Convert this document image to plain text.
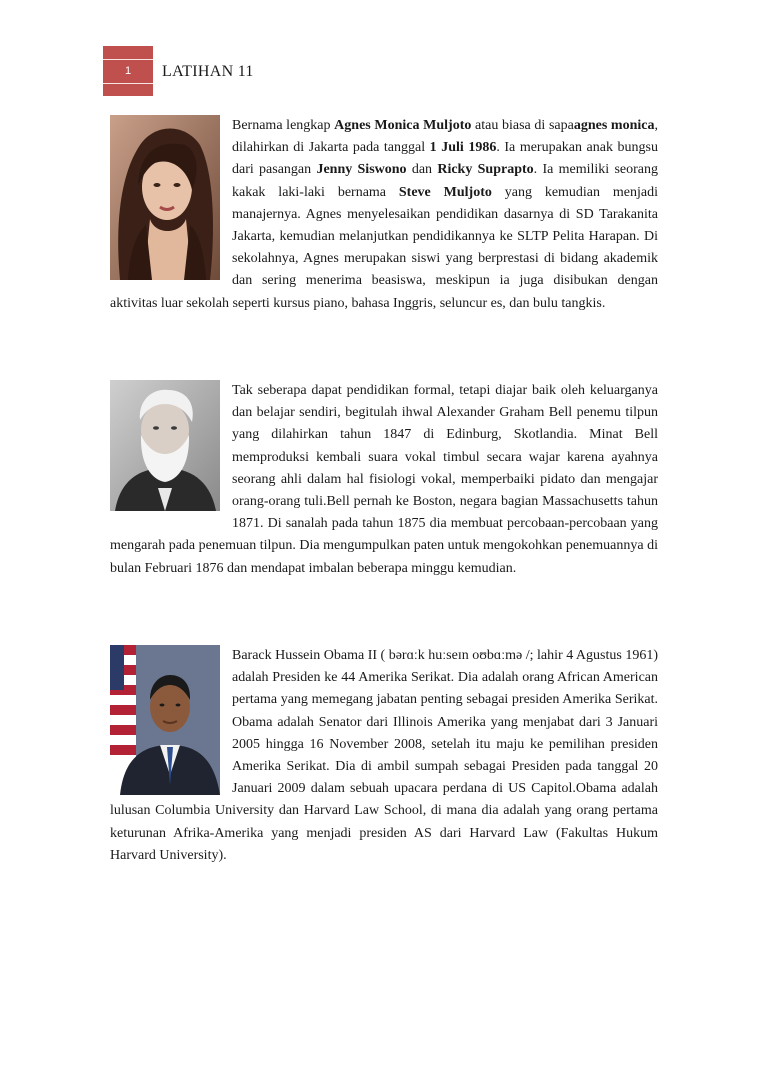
1	LATIHAN 11

Bernama lengkap Agnes Monica Muljoto atau biasa di sapaagnes monica, dilahirkan di Jakarta pada tanggal 1 Juli 1986. Ia merupakan anak bungsu dari pasangan Jenny Siswono dan Ricky Suprapto. Ia memiliki seorang kakak laki-laki bernama Steve Muljoto yang kemudian menjadi manajernya. Agnes menyelesaikan pendidikan dasarnya di SD Tarakanita Jakarta, kemudian melanjutkan pendidikannya ke SLTP Pelita Harapan. Di sekolahnya, Agnes merupakan siswi yang berprestasi di bidang akademik dan sering menerima beasiswa, meskipun ia juga disibukan dengan aktivitas luar sekolah seperti kursus piano, bahasa Inggris, seluncur es, dan bulu tangkis.

Tak seberapa dapat pendidikan formal, tetapi diajar baik oleh keluarganya dan belajar sendiri, begitulah ihwal Alexander Graham Bell penemu tilpun yang dilahirkan tahun 1847 di Edinburg, Skotlandia. Minat Bell memproduksi kembali suara vokal timbul secara wajar karena ayahnya seorang ahli dalam hal fisiologi vokal, memperbaiki pidato dan mengajar orang-orang tuli.Bell pernah ke Boston, negara bagian Massachusetts tahun 1871. Di sanalah pada tahun 1875 dia membuat percobaan-percobaan yang mengarah pada penemuan tilpun. Dia mengumpulkan paten untuk mengokohkan penemuannya di bulan Februari 1876 dan mendapat imbalan beberapa minggu kemudian.

Barack Hussein Obama II ( bərɑːk huːseɪn oʊbɑːmə /; lahir 4 Agustus 1961) adalah Presiden ke 44 Amerika Serikat. Dia adalah orang African American pertama yang memegang jabatan penting sebagai presiden Amerika Serikat. Obama adalah Senator dari Illinois Amerika yang menjabat dari 3 Januari 2005 hingga 16 November 2008, setelah itu maju ke pemilihan presiden Amerika Serikat. Dia di ambil sumpah sebagai Presiden pada tanggal 20 Januari 2009 dalam sebuah upacara perdana di US Capitol.Obama adalah lulusan Columbia University dan Harvard Law School, di mana dia adalah yang orang pertama keturunan Afrika-Amerika yang menjadi presiden AS dari Harvard Law (Fakultas Hukum Harvard University).
